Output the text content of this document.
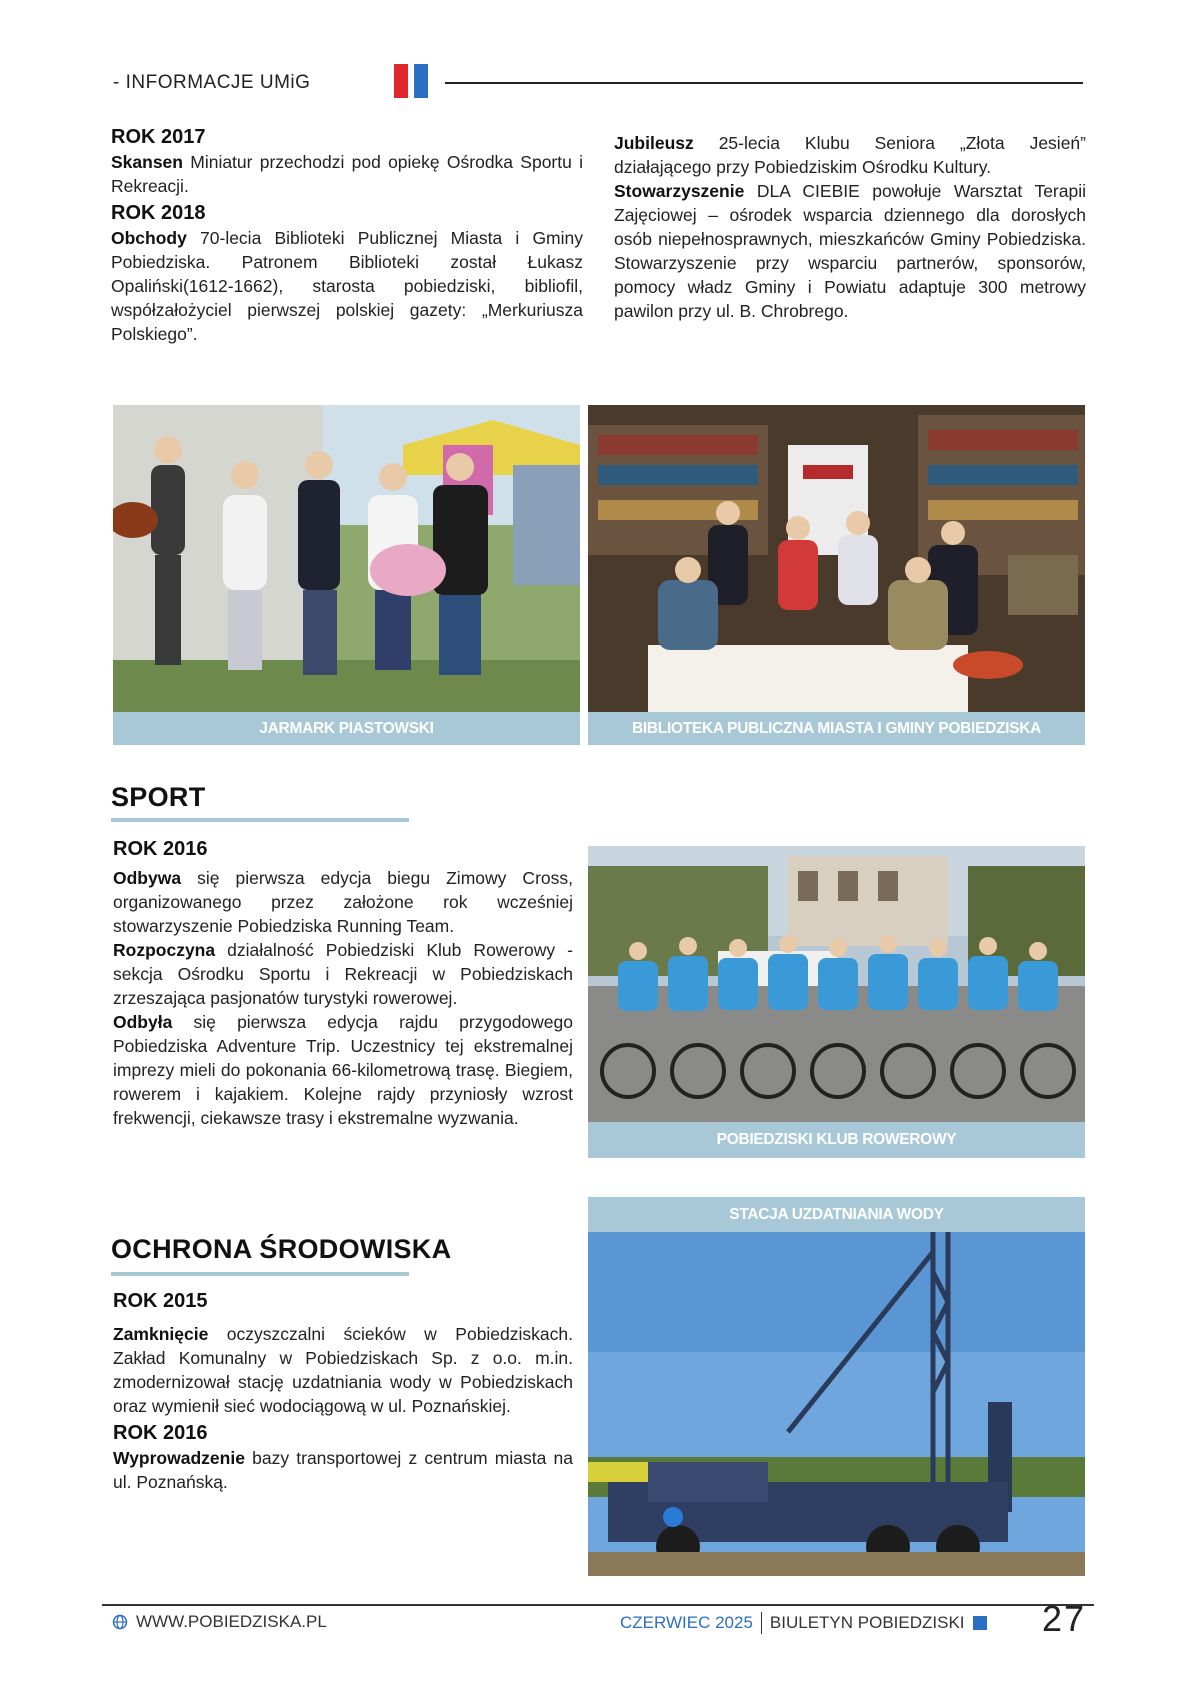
- INFORMACJE UMiG

ROK 2017

Skansen Miniatur przechodzi pod opiekę Ośrodka Sportu i Rekreacji.

ROK 2018

Obchody 70-lecia Biblioteki Publicznej Miasta i Gminy Pobiedziska. Patronem Biblioteki został Łukasz Opaliński(1612-1662), starosta pobiedziski, bibliofil, współzałożyciel pierwszej polskiej gazety: „Merkuriusza Polskiego”.

Jubileusz 25-lecia Klubu Seniora „Złota Jesień” działającego przy Pobiedziskim Ośrodku Kultury.

Stowarzyszenie DLA CIEBIE powołuje Warsztat Terapii Zajęciowej – ośrodek wsparcia dziennego dla dorosłych osób niepełnosprawnych, mieszkańców Gminy Pobiedziska. Stowarzyszenie przy wsparciu partnerów, sponsorów, pomocy władz Gminy i Powiatu adaptuje 300 metrowy pawilon przy ul. B. Chrobrego.

JARMARK PIASTOWSKI	BIBLIOTEKA PUBLICZNA MIASTA I GMINY POBIEDZISKA
SPORT

ROK 2016

Odbywa się pierwsza edycja biegu Zimowy Cross, organizowanego przez założone rok wcześniej stowarzyszenie Pobiedziska Running Team.

Rozpoczyna działalność Pobiedziski Klub Rowerowy - sekcja Ośrodku Sportu i Rekreacji w Pobiedziskach zrzeszająca pasjonatów turystyki rowerowej.

Odbyła się pierwsza edycja rajdu przygodowego Pobiedziska Adventure Trip. Uczestnicy tej ekstremalnej imprezy mieli do pokonania 66-kilometrową trasę. Biegiem, rowerem i kajakiem. Kolejne rajdy przyniosły wzrost frekwencji, ciekawsze trasy i ekstremalne wyzwania.

POBIEDZISKI KLUB ROWEROWY
OCHRONA ŚRODOWISKA

ROK 2015

Zamknięcie oczyszczalni ścieków w Pobiedziskach. Zakład Komunalny w Pobiedziskach Sp. z o.o. m.in. zmodernizował stację uzdatniania wody w Pobiedziskach oraz wymienił sieć wodociągową w ul. Poznańskiej.

ROK 2016

Wyprowadzenie bazy transportowej z centrum miasta na ul. Poznańską.

STACJA UZDATNIANIA WODY
WWW.POBIEDZISKA.PL	CZERWIEC 2025 BIULETYN POBIEDZISKI 27
